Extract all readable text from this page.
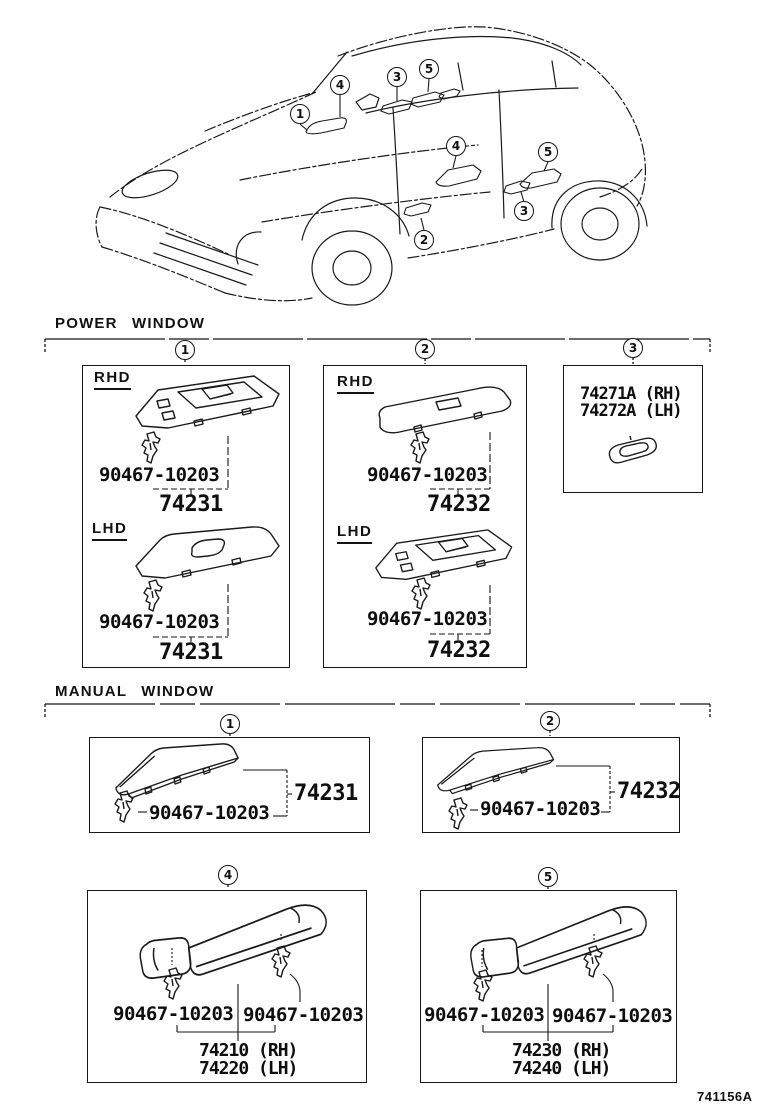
POWER WINDOW
MANUAL WINDOW
1	2	3
1	2
4	5
1
4
3
5
4	5
2
3
RHD
90467-10203
74231
LHD
90467-10203
74231
RHD
90467-10203
74232
LHD
90467-10203
74232
74271A (RH)
74272A (LH)
90467-10203
74231
90467-10203
74232
90467-10203 90467-10203
74210 (RH)
74220 (LH)
90467-10203 90467-10203
74230 (RH)
74240 (LH)
741156A
